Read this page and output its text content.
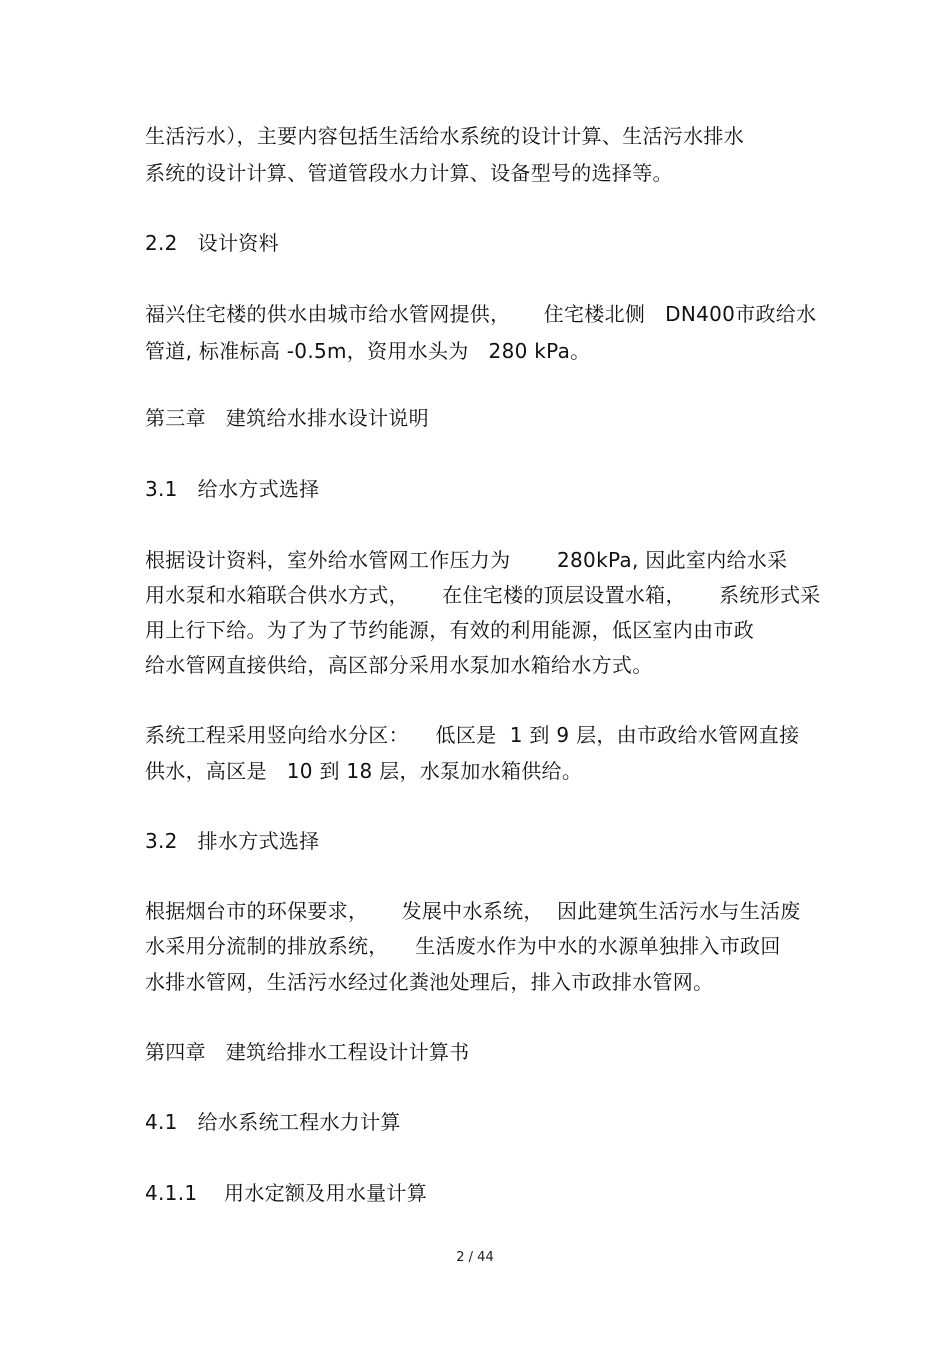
生活污水），主要内容包括生活给水系统的设计计算、生活污水排水
系统的设计计算、管道管段水力计算、设备型号的选择等。
2.2   设计资料
福兴住宅楼的供水由城市给水管网提供，     住宅楼北侧   DN400市政给水
管道, 标准标高 -0.5m，资用水头为   280 kPa。
第三章   建筑给水排水设计说明
3.1   给水方式选择
根据设计资料，室外给水管网工作压力为       280kPa, 因此室内给水采
用水泵和水箱联合供水方式，     在住宅楼的顶层设置水箱，     系统形式采
用上行下给。为了为了节约能源，有效的利用能源，低区室内由市政
给水管网直接供给，高区部分采用水泵加水箱给水方式。
系统工程采用竖向给水分区：    低区是  1 到 9 层，由市政给水管网直接
供水，高区是   10 到 18 层，水泵加水箱供给。
3.2   排水方式选择
根据烟台市的环保要求，     发展中水系统，  因此建筑生活污水与生活废
水采用分流制的排放系统，    生活废水作为中水的水源单独排入市政回
水排水管网，生活污水经过化粪池处理后，排入市政排水管网。
第四章   建筑给排水工程设计计算书
4.1   给水系统工程水力计算
4.1.1    用水定额及用水量计算
2 / 44
